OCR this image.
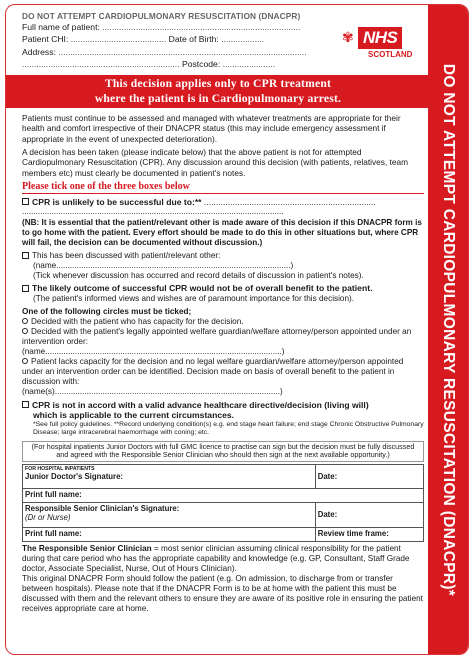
DO NOT ATTEMPT CARDIOPULMONARY RESUSCITATION (DNACPR)*
DO NOT ATTEMPT CARDIOPULMONARY RESUSCITATION (DNACPR)
Full name of patient: ...................................................................................
Patient CHI: ........................................ Date of Birth: ..................
Address: ........................................................................................................
.................................................................. Postcode: ......................
✾ NHS
SCOTLAND
This decision applies only to CPR treatment
where the patient is in Cardiopulmonary arrest.

Patients must continue to be assessed and managed with whatever treatments are appropriate for their health and comfort irrespective of their DNACPR status (this may include emergency assessment if appropriate in the event of unexpected deterioration).

A decision has been taken (please indicate below) that the above patient is not for attempted Cardiopulmonary Resuscitation (CPR). Any discussion around this decision (with patients, relatives, team members etc) must clearly be documented in patient's notes.

Please tick one of the three boxes below
CPR is unlikely to be successful due to:** ........................................................................
...................................................................................................................

(NB: It is essential that the patient/relevant other is made aware of this decision if this DNACPR form is to go home with the patient. Every effort should be made to do this in other situations but, where CPR will fail, the decision can be documented without discussion.)

This has been discussed with patient/relevant other:
(name.......................................................................................................)
(Tick whenever discussion has occurred and record details of discussion in patient's notes).
The likely outcome of successful CPR would not be of overall benefit to the patient.
(The patient's informed views and wishes are of paramount importance for this decision).
One of the following circles must be ticked;
Decided with the patient who has capacity for the decision.
Decided with the patient's legally appointed welfare guardian/welfare attorney/person appointed under an intervention order:
(name........................................................................................................)
Patient lacks capacity for the decision and no legal welfare guardian/welfare attorney/person appointed under an intervention order can be identified. Decision made on basis of overall benefit to the patient in discussion with:
(name(s)...................................................................................................)
CPR is not in accord with a valid advance healthcare directive/decision (living will)
which is applicable to the current circumstances.
*See full policy guidelines. **Record underlying condition(s) e.g. end stage heart failure; end stage Chronic Obstructive Pulmonary Disease; large intracerebral haemorrhage with coning; etc.
(For hospital inpatients Junior Doctors with full GMC licence to practise can sign but the decision must be fully discussed and agreed with the Responsible Senior Clinician who should then sign at the next available opportunity.)
FOR HOSPITAL INPATIENTS
Junior Doctor's Signature:	Date:
Print full name:	

Responsible Senior Clinician's Signature:
(Dr or Nurse)	Date:
Print full name:	Review time frame:

The Responsible Senior Clinician = most senior clinician assuming clinical responsibility for the patient during that care period who has the appropriate capability and knowledge (e.g. GP, Consultant, Staff Grade doctor, Associate Specialist, Nurse, Out of Hours Clinician).

This original DNACPR Form should follow the patient (e.g. On admission, to discharge from or transfer between hospitals). Please note that if the DNACPR Form is to be at home with the patient this must be discussed with them and the relevant others to ensure they are aware of its positive role in ensuring the patient receives appropriate care at home.
